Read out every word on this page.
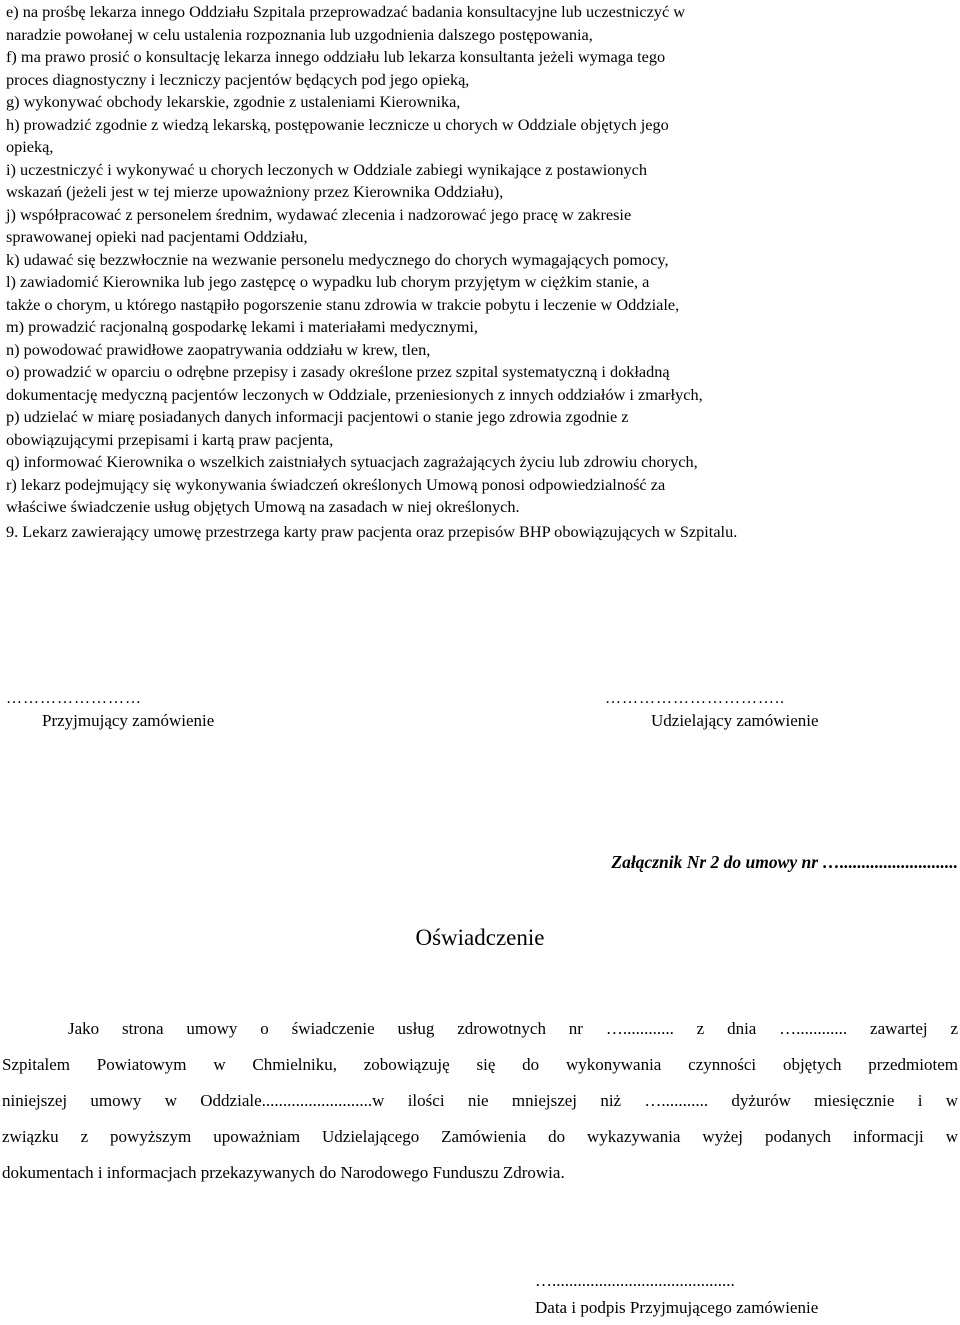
e) na prośbę lekarza innego Oddziału Szpitala przeprowadzać badania konsultacyjne lub uczestniczyć w
naradzie powołanej w celu ustalenia rozpoznania lub uzgodnienia dalszego postępowania,

f) ma prawo prosić o konsultację lekarza innego oddziału lub lekarza konsultanta jeżeli wymaga tego
proces diagnostyczny i leczniczy pacjentów będących pod jego opieką,

g) wykonywać obchody lekarskie, zgodnie z ustaleniami Kierownika,

h) prowadzić zgodnie z wiedzą lekarską, postępowanie lecznicze u chorych w Oddziale objętych jego
opieką,

i) uczestniczyć i wykonywać u chorych leczonych w Oddziale zabiegi wynikające z postawionych
wskazań (jeżeli jest w tej mierze upoważniony przez Kierownika Oddziału),

j) współpracować z personelem średnim, wydawać zlecenia i nadzorować jego pracę w zakresie
sprawowanej opieki nad pacjentami Oddziału,

k) udawać się bezzwłocznie na wezwanie personelu medycznego do chorych wymagających pomocy,

l) zawiadomić Kierownika lub jego zastępcę o wypadku lub chorym przyjętym w ciężkim stanie, a
także o chorym, u którego nastąpiło pogorszenie stanu zdrowia w trakcie pobytu i leczenie w Oddziale,

m) prowadzić racjonalną gospodarkę lekami i materiałami medycznymi,

n) powodować prawidłowe zaopatrywania oddziału w krew, tlen,

o) prowadzić w oparciu o odrębne przepisy i zasady określone przez szpital systematyczną i dokładną
dokumentację medyczną pacjentów leczonych w Oddziale, przeniesionych z innych oddziałów i zmarłych,

p) udzielać w miarę posiadanych danych informacji pacjentowi o stanie jego zdrowia zgodnie z
obowiązującymi przepisami i kartą praw pacjenta,

q) informować Kierownika o wszelkich zaistniałych sytuacjach zagrażających życiu lub zdrowiu chorych,

r) lekarz podejmujący się wykonywania świadczeń określonych Umową ponosi odpowiedzialność za
właściwe świadczenie usług objętych Umową na zasadach w niej określonych.

9. Lekarz zawierający umowę przestrzega karty praw pacjenta oraz przepisów BHP obowiązujących w Szpitalu.

……………………
Przyjmujący zamówienie
…………………………..
Udzielający zamówienie
Załącznik Nr 2 do umowy nr …...........................
Oświadczenie
Jako strona umowy o świadczenie usług zdrowotnych nr …............ z dnia …............ zawartej z
Szpitalem Powiatowym w Chmielniku, zobowiązuję się do wykonywania czynności objętych przedmiotem
niniejszej umowy w Oddziale..........................w ilości nie mniejszej niż …........... dyżurów miesięcznie i w
związku z powyższym upoważniam Udzielającego Zamówienia do wykazywania wyżej podanych informacji w
dokumentach i informacjach przekazywanych do Narodowego Funduszu Zdrowia.
…...........................................
Data i podpis Przyjmującego zamówienie
